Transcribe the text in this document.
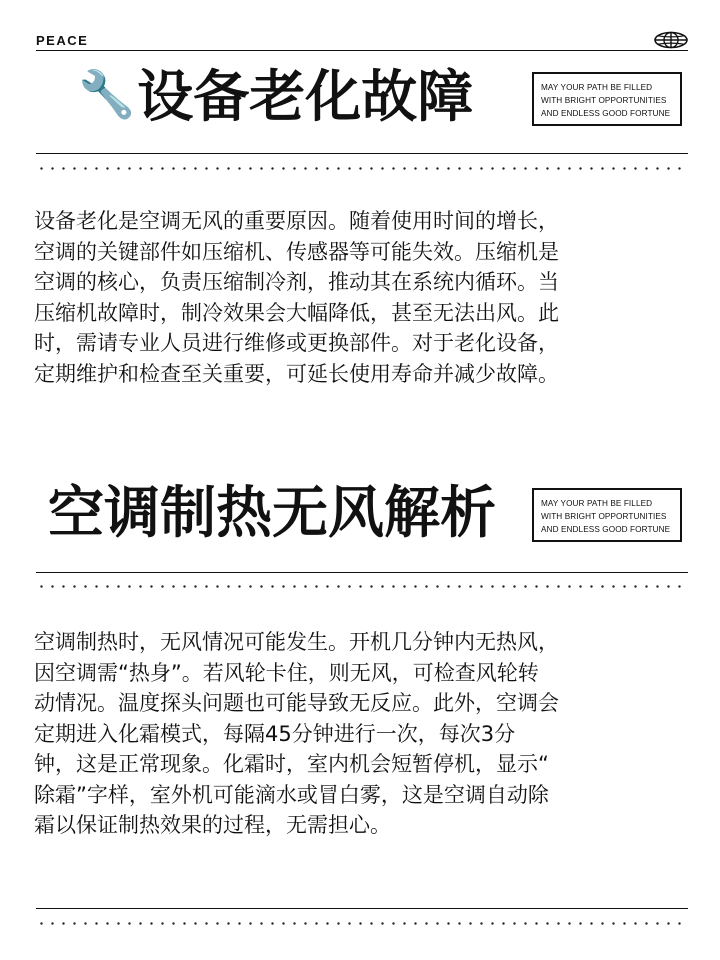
PEACE
🔧设备老化故障	MAY YOUR PATH BE FILLED
WITH BRIGHT OPPORTUNITIES
AND ENDLESS GOOD FORTUNE
设备老化是空调无风的重要原因。随着使用时间的增长，
空调的关键部件如压缩机、传感器等可能失效。压缩机是
空调的核心，负责压缩制冷剂，推动其在系统内循环。当
压缩机故障时，制冷效果会大幅降低，甚至无法出风。此
时，需请专业人员进行维修或更换部件。对于老化设备，
定期维护和检查至关重要，可延长使用寿命并减少故障。
空调制热无风解析	MAY YOUR PATH BE FILLED
WITH BRIGHT OPPORTUNITIES
AND ENDLESS GOOD FORTUNE
空调制热时，无风情况可能发生。开机几分钟内无热风，
因空调需“热身”。若风轮卡住，则无风，可检查风轮转
动情况。温度探头问题也可能导致无反应。此外，空调会
定期进入化霜模式，每隔45分钟进行一次，每次3分
钟，这是正常现象。化霜时，室内机会短暂停机，显示“
除霜”字样，室外机可能滴水或冒白雾，这是空调自动除
霜以保证制热效果的过程，无需担心。
